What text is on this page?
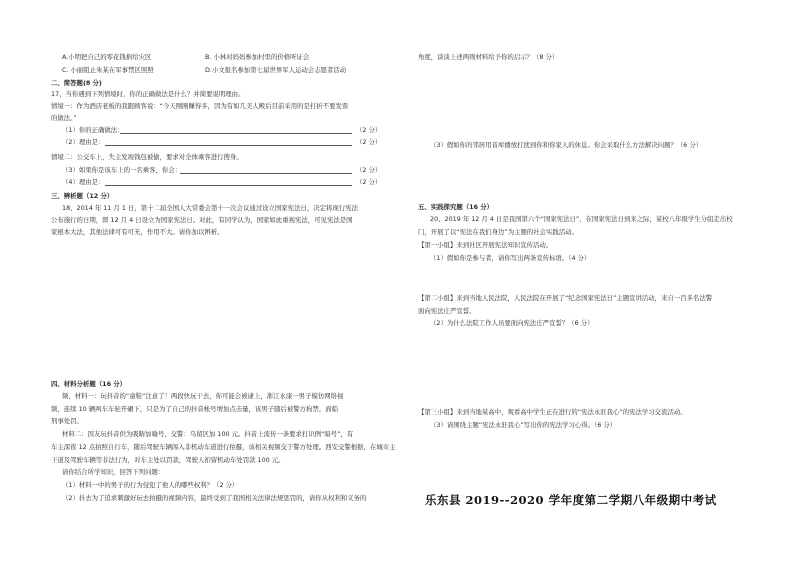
A.小明把自己的零花钱捐给灾区	B. 小林对妈妈参加村里的价格听证会
C. 小丽阻止朱某在军事禁区照照	D.小文报名参加第七届世界军人运动会志愿者活动
二、简答题(8 分)
17、当你遇到下列情境时，你的正确做法是什么？并简要说明理由。
情境一：作为酒店老板的我跟顾客说：“今天刚刚赚得多，因为有如几美人殿后目前采用的是打折不要发票
的做法。”
（1）你的正确做法：	（2 分）
（2）理由是：	（2 分）
情境二：公交车上，失主发现钱包被偷，要求对全体乘客进行搜身。
（3）如果你是该车上的一名乘客，你会：	（2 分）
（4）理由是：	（2 分）
三、辨析题（12 分）
18、2014 年 11 月 1 日，第十二届全国人大常委会第十一次会议通过设立国家宪法日，决定将现行宪法
公布施行的日期，即 12 月 4 日设立为国家宪法日。对此，有同学认为，国家如此重视宪法，可见宪法是国
家根本大法，其他法律可有可无，作用不大。请你加以辨析。
四、材料分析题（16 分）
频，材料一：玩抖音的“童鞋”注意了！两段快玩干去，你可能会被逮上，浙江永康一男子模仿网络视
频，连续 10 辆两车车轮开碾下，只是为了自己的抖音帐号增加点击量，该男子随后被警方拘禁，面临
刑事处罚。
材料二：因友玩抖音供为吸睛加喻号，交警：乌留区加 100 元。抖音上流传一条要求打识例“暗号”，有
车主深夜 12 点拍照自行车，随后驾驶车辆闯入非机动车道进行拍摄，该相关视频交于警方处理。西安交警根据，在城市主
干道及驾驶车辆等非法行为，对车主处以罚款，驾驶人扣留机动车处罚款 100 元。
请你结合所学知识，回答下列问题：
（1）材料一中的男子的行为侵犯了他人的哪些权利？（2 分）
（2）抖去为了追求刺激好玩去拍摄的视频内容，最终受到了我国相关法律法规惩罚的，请你从权利和义务的
角度，谈谈上述两则材料给予你的启示？（8 分）
（3）假如你的邻居用音库播放打扰到你和你家人的休息。你会采取什么方法解决问题？（6 分）
五、实践探究题（16 分）
20、2019 年 12 月 4 日是我国第六个“国家宪法日”，在国家宪法日到来之际，某校八年级学生分组走出校
门，开展了以“宪法在我们身边”为主题的社会实践活动。
【第一小组】来到社区开展宪法知识宣传活动。
（1）假如你是参与者，请你写出两条宣传标语。（4 分）
【第二小组】来到当地人民法院，人民法院在开展了“纪念国家宪法日”主题宣讲活动，来自一百多名法警
面向宪法庄严宣誓。
（2）为什么法院工作人员要面向宪法庄严宣誓？（6 分）
【第三小组】来到当地某高中，观看高中学生正在进行的“宪法永驻我心”的宪法学习交流活动。
（3）请围绕主题“宪法永驻我心”写出你的宪法学习心得。（6 分）
乐东县 2019--2020 学年度第二学期八年级期中考试
